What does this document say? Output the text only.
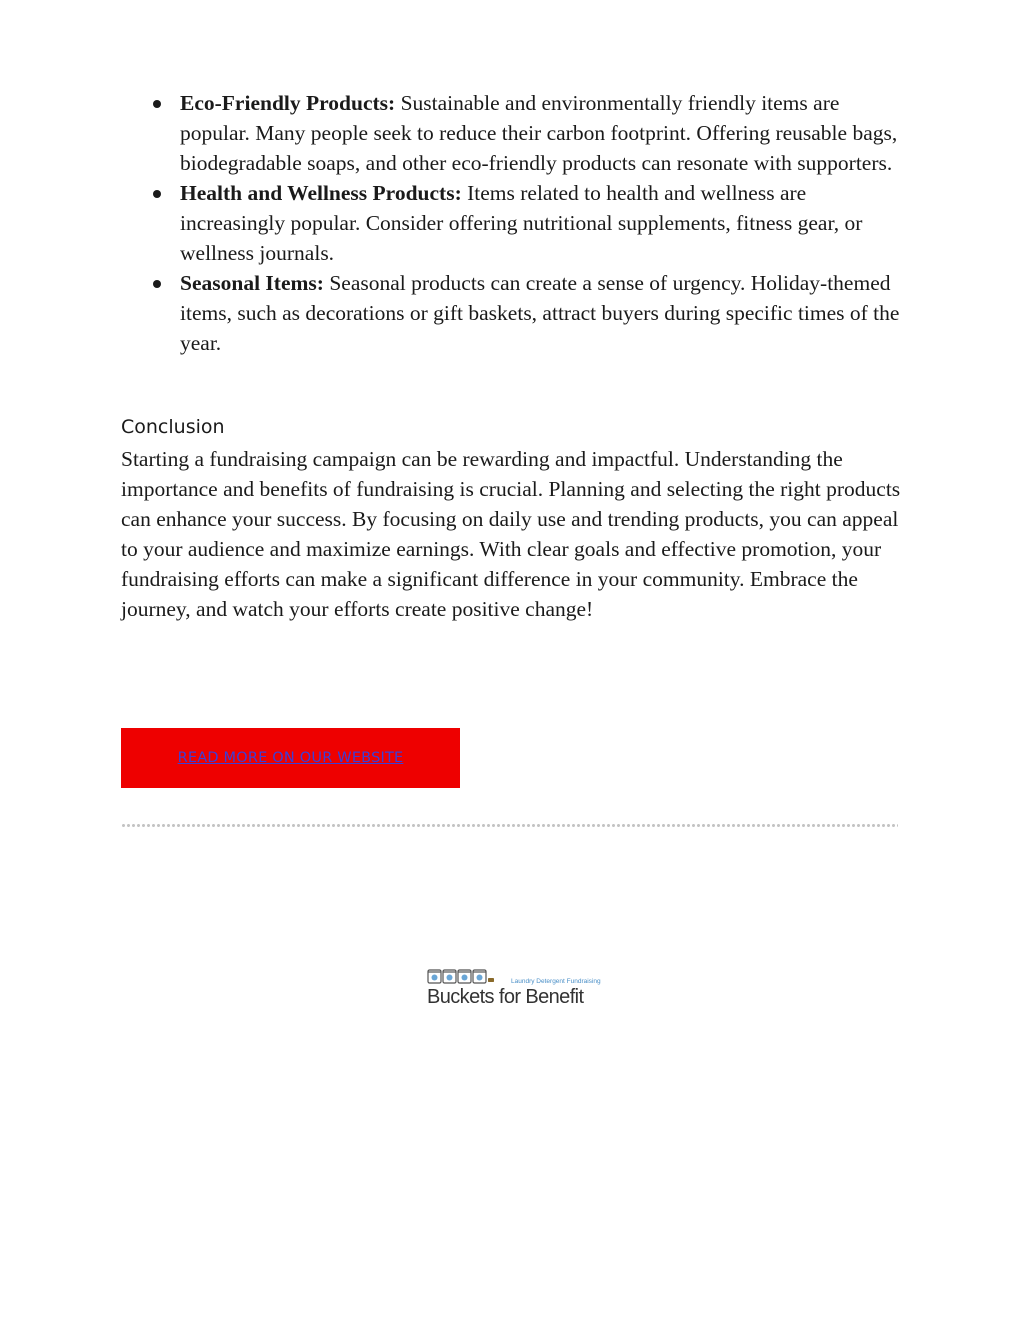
Eco-Friendly Products: Sustainable and environmentally friendly items are popular. Many people seek to reduce their carbon footprint. Offering reusable bags, biodegradable soaps, and other eco-friendly products can resonate with supporters.
Health and Wellness Products: Items related to health and wellness are increasingly popular. Consider offering nutritional supplements, fitness gear, or wellness journals.
Seasonal Items: Seasonal products can create a sense of urgency. Holiday-themed items, such as decorations or gift baskets, attract buyers during specific times of the year.
Conclusion

Starting a fundraising campaign can be rewarding and impactful. Understanding the importance and benefits of fundraising is crucial. Planning and selecting the right products can enhance your success. By focusing on daily use and trending products, you can appeal to your audience and maximize earnings. With clear goals and effective promotion, your fundraising efforts can make a significant difference in your community. Embrace the journey, and watch your efforts create positive change!

READ MORE ON OUR WEBSITE
Laundry Detergent Fundraising
Buckets for Benefit
